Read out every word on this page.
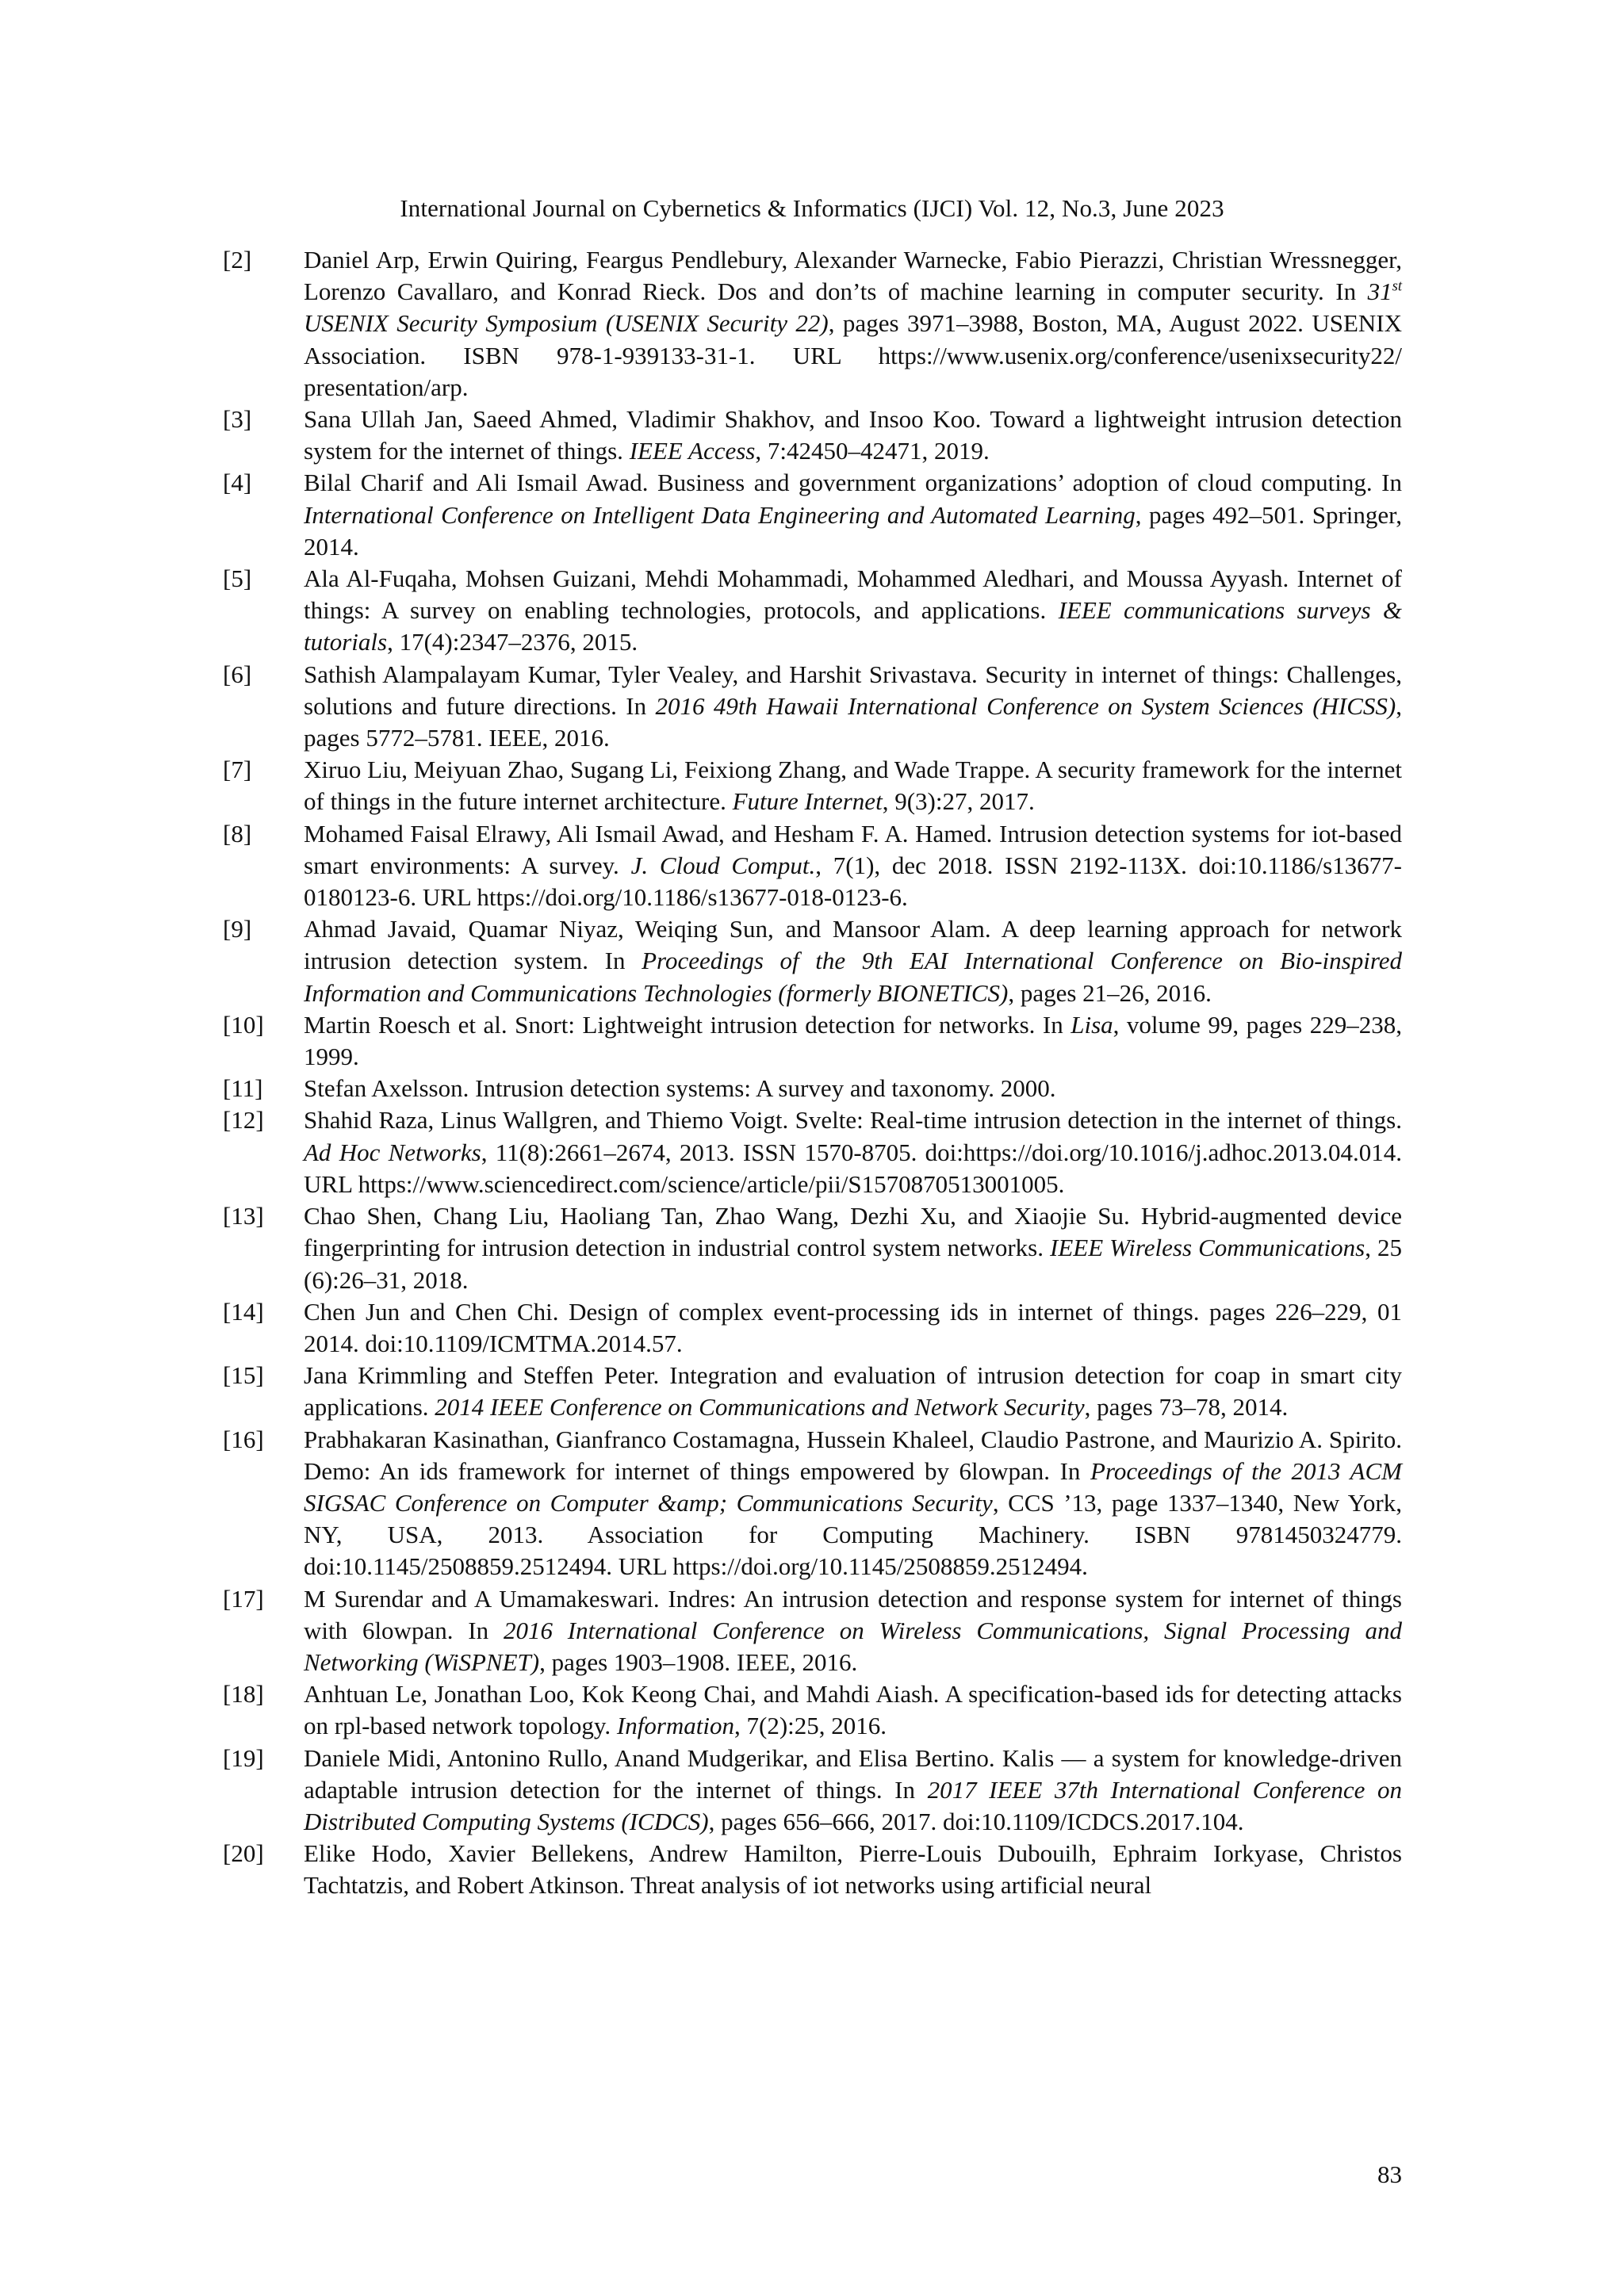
International Journal on Cybernetics & Informatics (IJCI) Vol. 12, No.3, June 2023
[2]	Daniel Arp, Erwin Quiring, Feargus Pendlebury, Alexander Warnecke, Fabio Pierazzi, Christian Wressnegger, Lorenzo Cavallaro, and Konrad Rieck. Dos and don’ts of machine learning in computer security. In 31st USENIX Security Symposium (USENIX Security 22), pages 3971–3988, Boston, MA, August 2022. USENIX Association. ISBN 978-1-939133-31-1. URL https://www.usenix.org/conference/usenixsecurity22/ presentation/arp.
[3]	Sana Ullah Jan, Saeed Ahmed, Vladimir Shakhov, and Insoo Koo. Toward a lightweight intrusion detection system for the internet of things. IEEE Access, 7:42450–42471, 2019.
[4]	Bilal Charif and Ali Ismail Awad. Business and government organizations’ adoption of cloud computing. In International Conference on Intelligent Data Engineering and Automated Learning, pages 492–501. Springer, 2014.
[5]	Ala Al-Fuqaha, Mohsen Guizani, Mehdi Mohammadi, Mohammed Aledhari, and Moussa Ayyash. Internet of things: A survey on enabling technologies, protocols, and applications. IEEE communications surveys & tutorials, 17(4):2347–2376, 2015.
[6]	Sathish Alampalayam Kumar, Tyler Vealey, and Harshit Srivastava. Security in internet of things: Challenges, solutions and future directions. In 2016 49th Hawaii International Conference on System Sciences (HICSS), pages 5772–5781. IEEE, 2016.
[7]	Xiruo Liu, Meiyuan Zhao, Sugang Li, Feixiong Zhang, and Wade Trappe. A security framework for the internet of things in the future internet architecture. Future Internet, 9(3):27, 2017.
[8]	Mohamed Faisal Elrawy, Ali Ismail Awad, and Hesham F. A. Hamed. Intrusion detection systems for iot-based smart environments: A survey. J. Cloud Comput., 7(1), dec 2018. ISSN 2192-113X. doi:10.1186/s13677-0180123-6. URL https://doi.org/10.1186/s13677-018-0123-6.
[9]	Ahmad Javaid, Quamar Niyaz, Weiqing Sun, and Mansoor Alam. A deep learning approach for network intrusion detection system. In Proceedings of the 9th EAI International Conference on Bio-inspired Information and Communications Technologies (formerly BIONETICS), pages 21–26, 2016.
[10]	Martin Roesch et al. Snort: Lightweight intrusion detection for networks. In Lisa, volume 99, pages 229–238, 1999.
[11]	Stefan Axelsson. Intrusion detection systems: A survey and taxonomy. 2000.
[12]	Shahid Raza, Linus Wallgren, and Thiemo Voigt. Svelte: Real-time intrusion detection in the internet of things. Ad Hoc Networks, 11(8):2661–2674, 2013. ISSN 1570-8705. doi:https://doi.org/10.1016/j.adhoc.2013.04.014. URL https://www.sciencedirect.com/science/article/pii/S1570870513001005.
[13]	Chao Shen, Chang Liu, Haoliang Tan, Zhao Wang, Dezhi Xu, and Xiaojie Su. Hybrid-augmented device fingerprinting for intrusion detection in industrial control system networks. IEEE Wireless Communications, 25 (6):26–31, 2018.
[14]	Chen Jun and Chen Chi. Design of complex event-processing ids in internet of things. pages 226–229, 01 2014. doi:10.1109/ICMTMA.2014.57.
[15]	Jana Krimmling and Steffen Peter. Integration and evaluation of intrusion detection for coap in smart city applications. 2014 IEEE Conference on Communications and Network Security, pages 73–78, 2014.
[16]	Prabhakaran Kasinathan, Gianfranco Costamagna, Hussein Khaleel, Claudio Pastrone, and Maurizio A. Spirito. Demo: An ids framework for internet of things empowered by 6lowpan. In Proceedings of the 2013 ACM SIGSAC Conference on Computer &amp; Communications Security, CCS ’13, page 1337–1340, New York, NY, USA, 2013. Association for Computing Machinery. ISBN 9781450324779. doi:10.1145/2508859.2512494. URL https://doi.org/10.1145/2508859.2512494.
[17]	M Surendar and A Umamakeswari. Indres: An intrusion detection and response system for internet of things with 6lowpan. In 2016 International Conference on Wireless Communications, Signal Processing and Networking (WiSPNET), pages 1903–1908. IEEE, 2016.
[18]	Anhtuan Le, Jonathan Loo, Kok Keong Chai, and Mahdi Aiash. A specification-based ids for detecting attacks on rpl-based network topology. Information, 7(2):25, 2016.
[19]	Daniele Midi, Antonino Rullo, Anand Mudgerikar, and Elisa Bertino. Kalis — a system for knowledge-driven adaptable intrusion detection for the internet of things. In 2017 IEEE 37th International Conference on Distributed Computing Systems (ICDCS), pages 656–666, 2017. doi:10.1109/ICDCS.2017.104.
[20]	Elike Hodo, Xavier Bellekens, Andrew Hamilton, Pierre-Louis Dubouilh, Ephraim Iorkyase, Christos Tachtatzis, and Robert Atkinson. Threat analysis of iot networks using artificial neural
83
